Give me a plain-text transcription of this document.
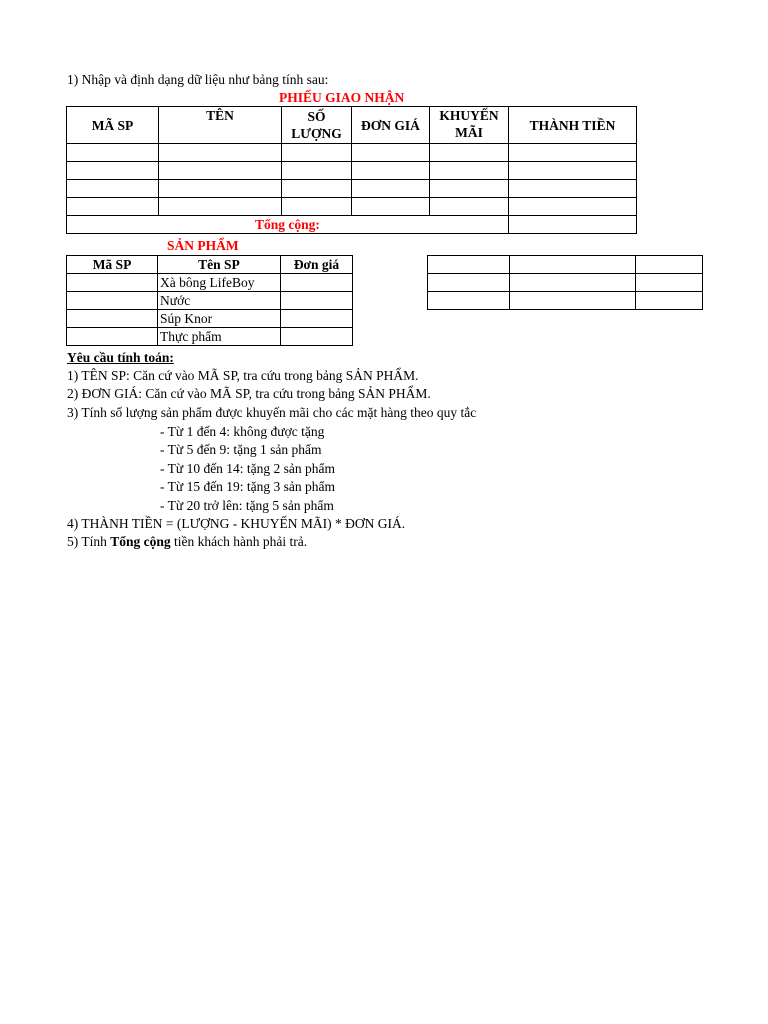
1) Nhập và định dạng dữ liệu như bảng tính sau:
PHIẾU GIAO NHẬN
MÃ SP	TÊN	SỐ LƯỢNG	ĐƠN GIÁ	KHUYẾN MÃI	THÀNH TIỀN

Tổng cộng:					
SẢN PHẨM
Mã SP	Tên SP	Đơn giá
	Xà bông LifeBoy	
	Nước	
	Súp Knor	
	Thực phẩm	

Yêu cầu tính toán:
1) TÊN SP: Căn cứ vào MÃ SP, tra cứu trong bảng SẢN PHẨM.
2) ĐƠN GIÁ: Căn cứ vào MÃ SP, tra cứu trong bảng SẢN PHẨM.
3) Tính số lượng sản phẩm được khuyến mãi cho các mặt hàng theo quy tắc
- Từ 1 đến 4: không được tặng
- Từ 5 đến 9: tặng 1 sản phẩm
- Từ 10 đến 14: tặng 2 sản phẩm
- Từ 15 đến 19: tặng 3 sản phẩm
- Từ 20 trở lên: tặng 5 sản phẩm
4) THÀNH TIỀN = (LƯỢNG - KHUYẾN MÃI) * ĐƠN GIÁ.
5) Tính Tổng cộng tiền khách hành phải trả.
